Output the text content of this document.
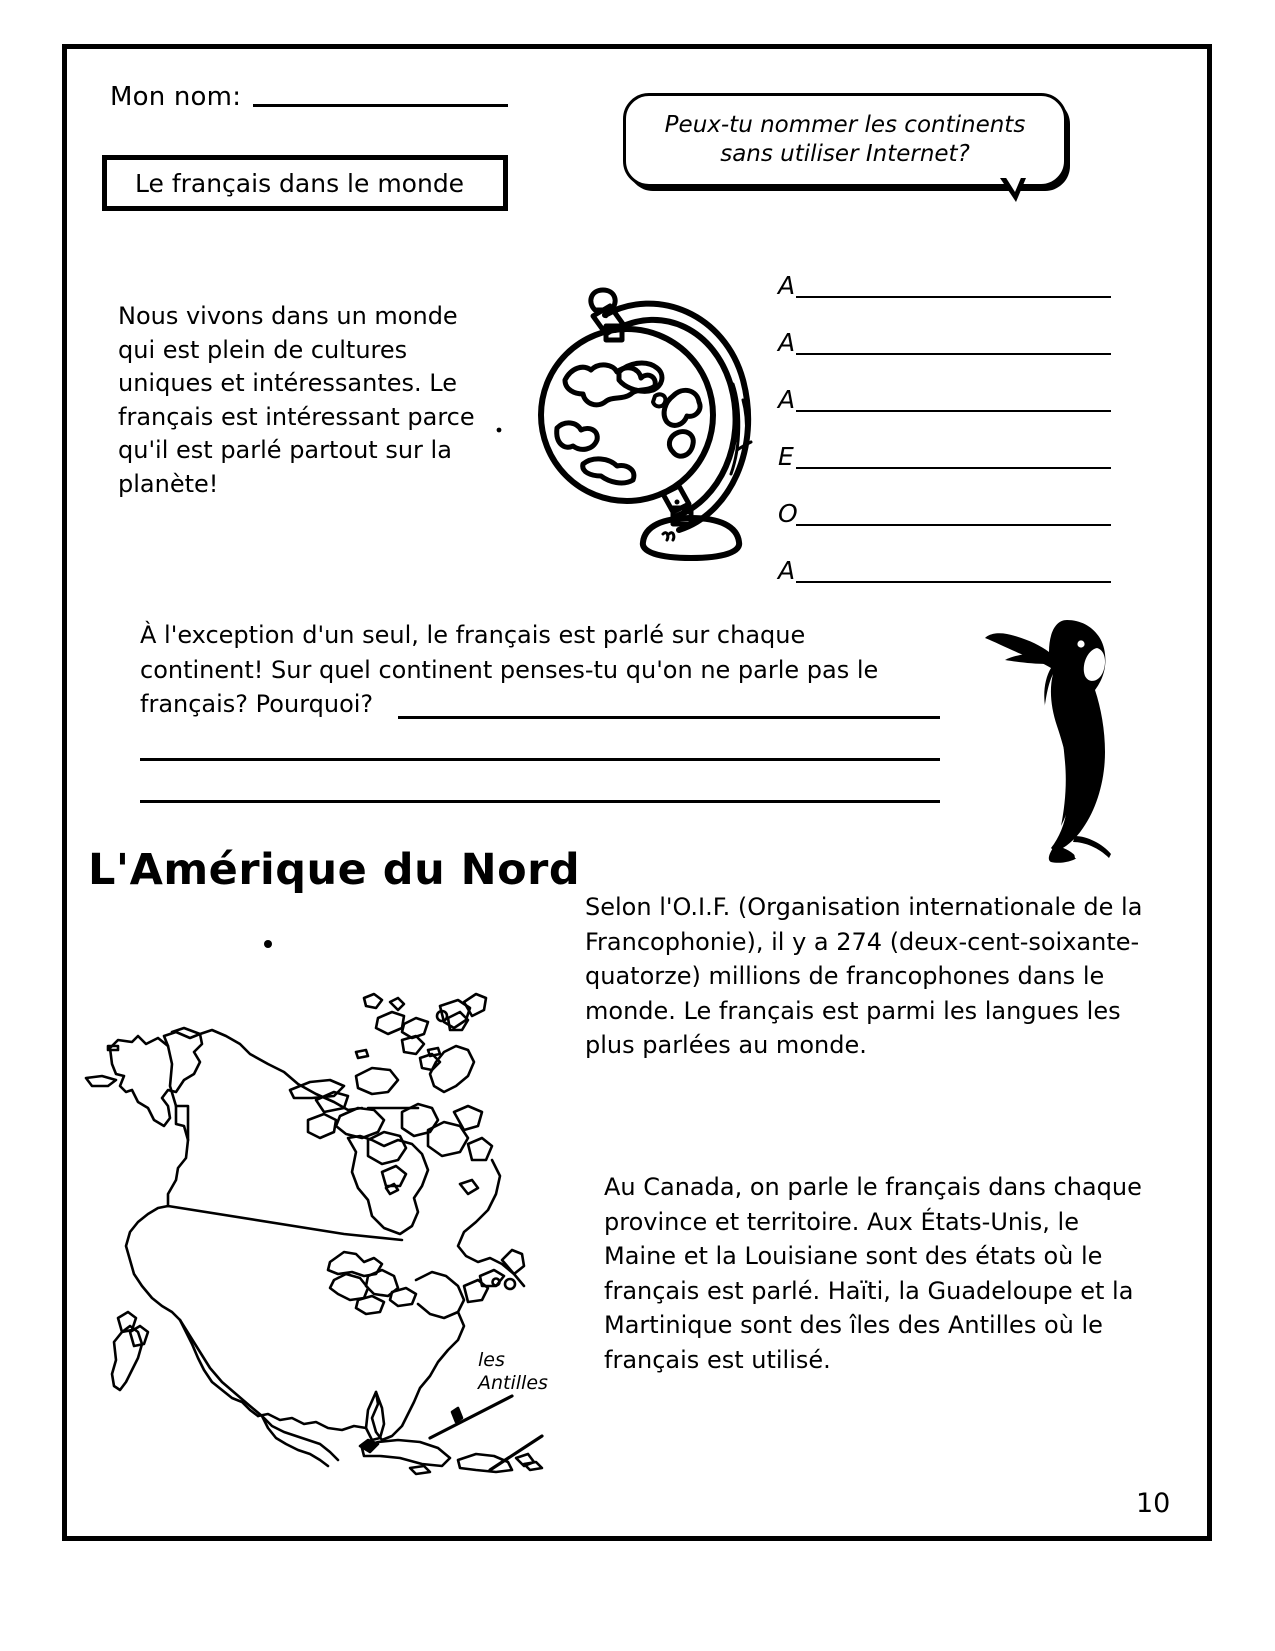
Mon nom:
Le français dans le monde
Peux-tu nommer les continents
sans utiliser Internet?
Nous vivons dans un monde qui est plein de cultures uniques et intéressantes. Le français est intéressant parce qu'il est parlé partout sur la planète!
A
A
A
E
O
A
À l'exception d'un seul, le français est parlé sur chaque
continent! Sur quel continent penses-tu qu'on ne parle pas le
français? Pourquoi?
L'Amérique du Nord
les
Antilles
Selon l'O.I.F. (Organisation internationale de la Francophonie), il y a 274 (deux-cent-soixante-quatorze) millions de francophones dans le monde. Le français est parmi les langues les plus parlées au monde.
Au Canada, on parle le français dans chaque province et territoire. Aux États-Unis, le Maine et la Louisiane sont des états où le français est parlé. Haïti, la Guadeloupe et la Martinique sont des îles des Antilles où le français est utilisé.
10
